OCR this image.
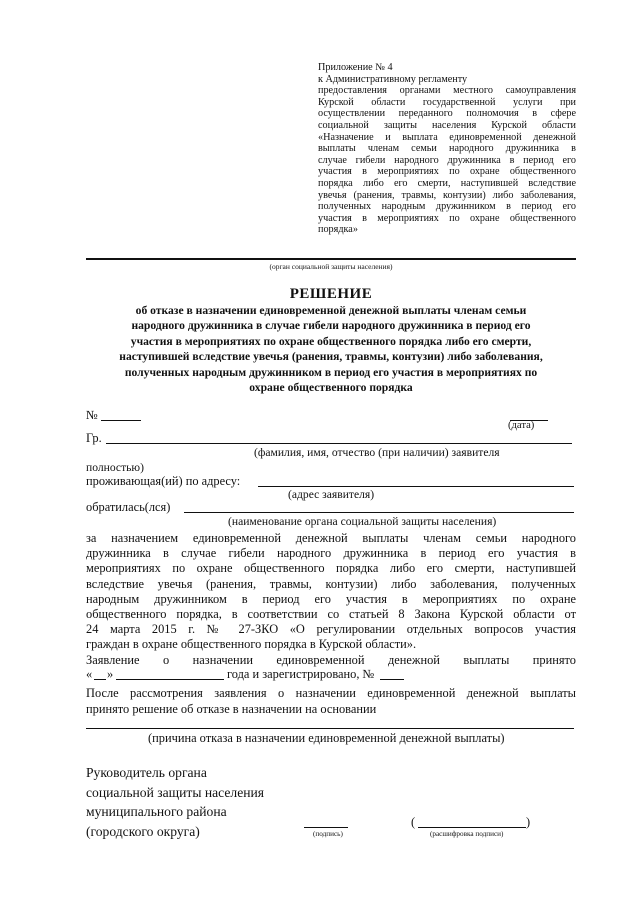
Приложение № 4
к Административному регламенту
предоставления органами местного самоуправления
Курской области государственной услуги при
осуществлении переданного полномочия в сфере
социальной защиты населения Курской области
«Назначение и выплата единовременной денежной
выплаты членам семьи народного дружинника в
случае гибели народного дружинника в период его
участия в мероприятиях по охране общественного
порядка либо его смерти, наступившей вследствие
увечья (ранения, травмы, контузии) либо заболевания,
полученных народным дружинником в период его
участия в мероприятиях по охране общественного
порядка»
(орган социальной защиты населения)
РЕШЕНИЕ
об отказе в назначении единовременной денежной выплаты членам семьи
народного дружинника в случае гибели народного дружинника в период его
участия в мероприятиях по охране общественного порядка либо его смерти,
наступившей вследствие увечья (ранения, травмы, контузии) либо заболевания,
полученных народным дружинником в период его участия в мероприятиях по
охране общественного порядка
№
(дата)
Гр.
(фамилия, имя, отчество (при наличии) заявителя
полностью)
проживающая(ий) по адресу:
(адрес заявителя)
обратилась(лся)
(наименование органа социальной защиты населения)
за назначением единовременной денежной выплаты членам семьи народного
дружинника в случае гибели народного дружинника в период его участия в
мероприятиях по охране общественного порядка либо его смерти, наступившей
вследствие увечья (ранения, травмы, контузии) либо заболевания, полученных
народным дружинником в период его участия в мероприятиях по охране
общественного порядка, в соответствии со статьей 8 Закона Курской области от
24 марта 2015 г. № 27-ЗКО «О регулировании отдельных вопросов участия
граждан в охране общественного порядка в Курской области».
Заявление о назначении единовременной денежной выплаты принято
« »	года и зарегистрировано, №
После рассмотрения заявления о назначении единовременной денежной выплаты
принято решение об отказе в назначении на основании
(причина отказа в назначении единовременной денежной выплаты)
Руководитель органа
социальной защиты населения
муниципального района
(городского округа)	(подпись)
(	)
(расшифровка подписи)
